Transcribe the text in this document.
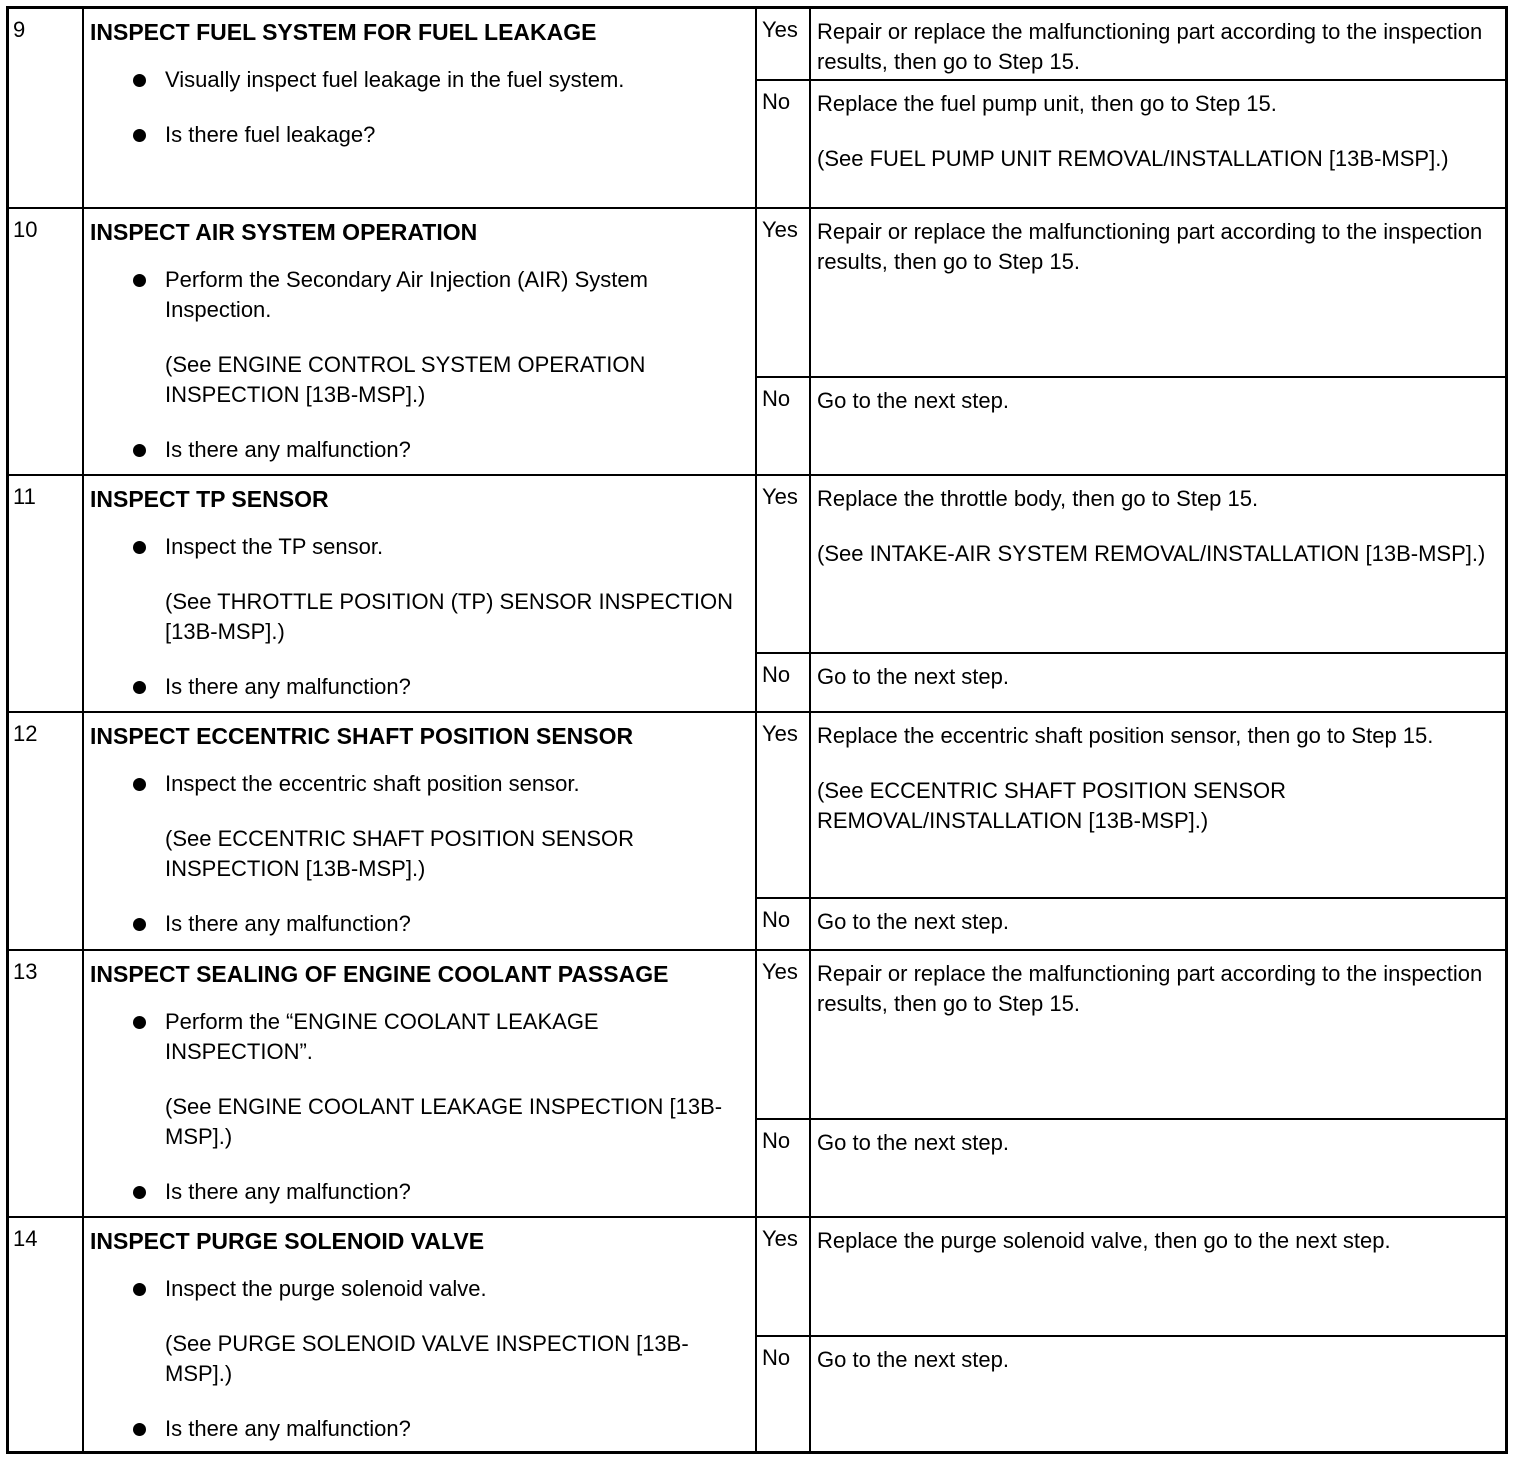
9	INSPECT FUEL SYSTEM FOR FUEL LEAKAGE
Visually inspect fuel leakage in the fuel system.
Is there fuel leakage?
Yes Repair or replace the malfunctioning part according to the inspection results, then go to Step 15.

No	Replace the fuel pump unit, then go to Step 15.

(See FUEL PUMP UNIT REMOVAL/INSTALLATION [13B-MSP].)

10	INSPECT AIR SYSTEM OPERATION
Perform the Secondary Air Injection (AIR) System Inspection.
(See ENGINE CONTROL SYSTEM OPERATION INSPECTION [13B-MSP].)
Is there any malfunction?
Yes Repair or replace the malfunctioning part according to the inspection results, then go to Step 15.

No	Go to the next step.

11	INSPECT TP SENSOR
Inspect the TP sensor.
(See THROTTLE POSITION (TP) SENSOR INSPECTION [13B-MSP].)
Is there any malfunction?
Yes Replace the throttle body, then go to Step 15.

(See INTAKE-AIR SYSTEM REMOVAL/INSTALLATION [13B-MSP].)

No	Go to the next step.

12	INSPECT ECCENTRIC SHAFT POSITION SENSOR
Inspect the eccentric shaft position sensor.
(See ECCENTRIC SHAFT POSITION SENSOR INSPECTION [13B-MSP].)
Is there any malfunction?
Yes Replace the eccentric shaft position sensor, then go to Step 15.

(See ECCENTRIC SHAFT POSITION SENSOR REMOVAL/INSTALLATION [13B-MSP].)

No	Go to the next step.

13	INSPECT SEALING OF ENGINE COOLANT PASSAGE
Perform the “ENGINE COOLANT LEAKAGE INSPECTION”.
(See ENGINE COOLANT LEAKAGE INSPECTION [13B-MSP].)
Is there any malfunction?
Yes Repair or replace the malfunctioning part according to the inspection results, then go to Step 15.

No	Go to the next step.

14	INSPECT PURGE SOLENOID VALVE
Inspect the purge solenoid valve.
(See PURGE SOLENOID VALVE INSPECTION [13B-MSP].)
Is there any malfunction?
Yes Replace the purge solenoid valve, then go to the next step.

No	Go to the next step.
